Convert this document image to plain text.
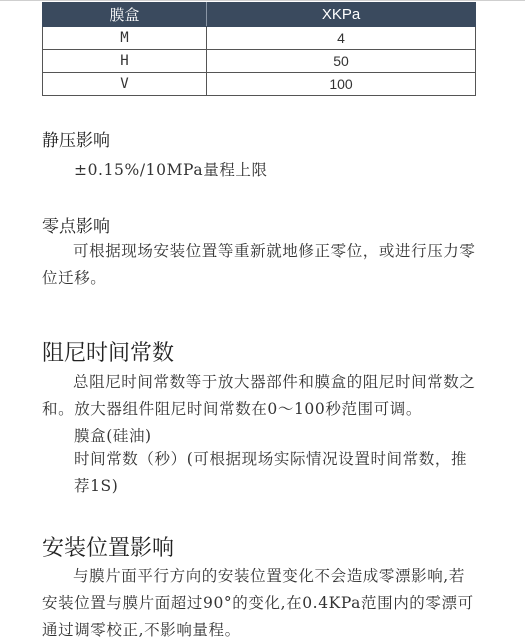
膜盒	XKPa
M	4
H	50
V	100
静压影响

±0.15%/10MPa量程上限

零点影响

可根据现场安装位置等重新就地修正零位，或进行压力零位迁移。

阻尼时间常数

总阻尼时间常数等于放大器部件和膜盒的阻尼时间常数之和。放大器组件阻尼时间常数在0～100秒范围可调。

膜盒(硅油)

时间常数（秒）(可根据现场实际情况设置时间常数，推荐1S)

安装位置影响

与膜片面平行方向的安装位置变化不会造成零漂影响,若安装位置与膜片面超过90°的变化,在0.4KPa范围内的零漂可通过调零校正,不影响量程。
